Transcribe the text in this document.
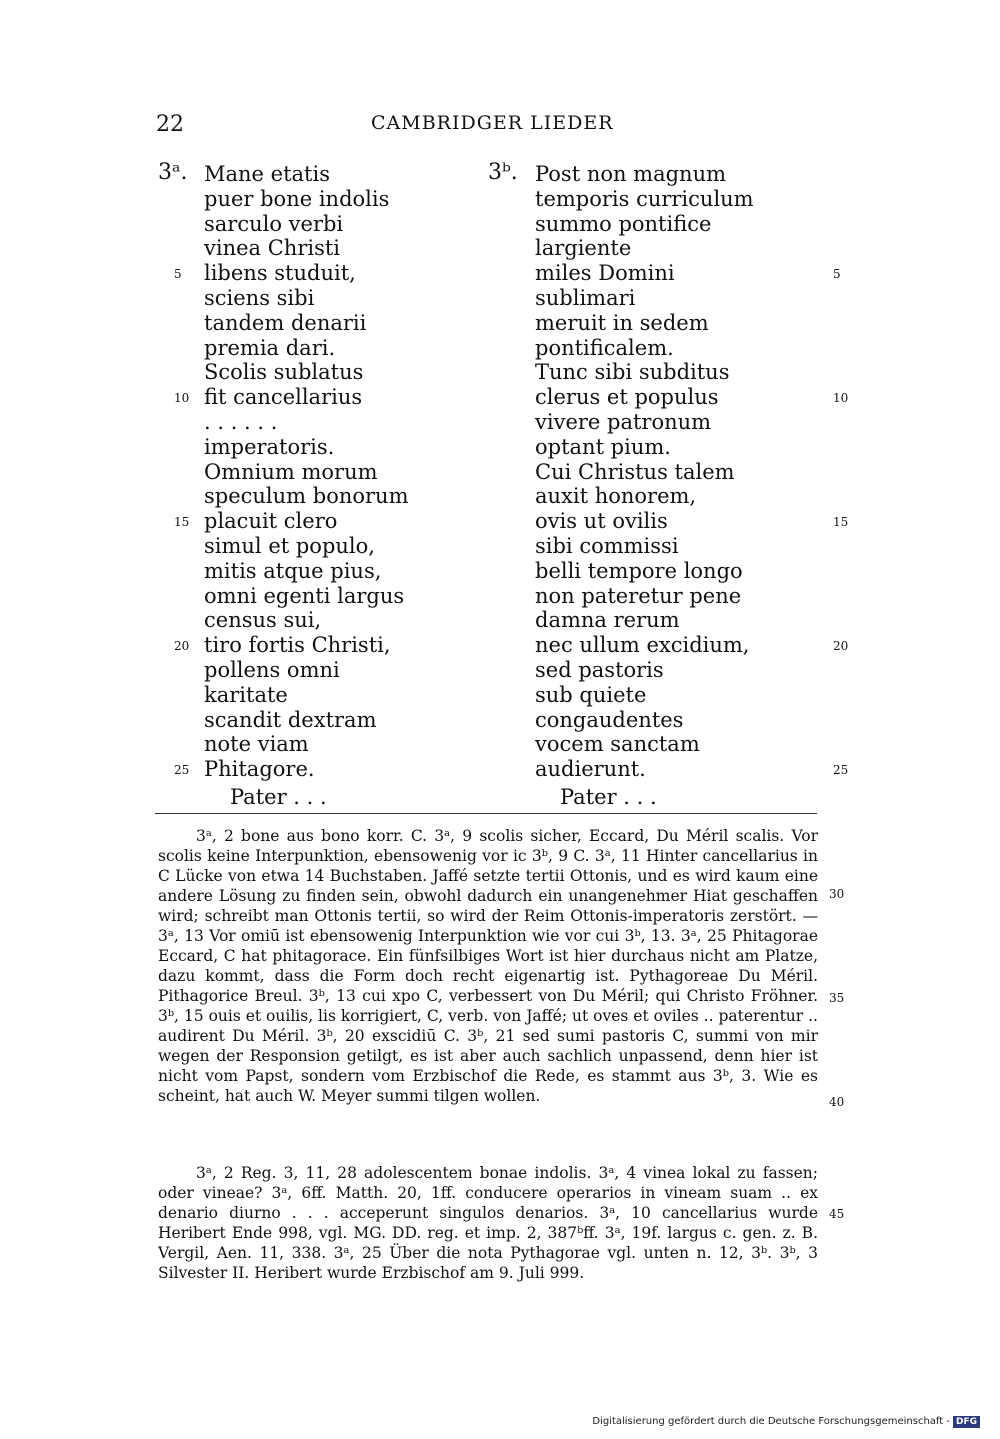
22	CAMBRIDGER LIEDER
3ᵃ. Mane etatis
puer bone indolis
sarculo verbi
vinea Christi
libens studuit,
sciens sibi
tandem denarii
premia dari.
Scolis sublatus
fit cancellarius
. . . . . .
imperatoris.
Omnium morum
speculum bonorum
placuit clero
simul et populo,
mitis atque pius,
omni egenti largus
census sui,
tiro fortis Christi,
pollens omni
karitate
scandit dextram
note viam
Phitagore.
3ᵇ. Post non magnum
temporis curriculum
summo pontifice
largiente
miles Domini
sublimari
meruit in sedem
pontificalem.
Tunc sibi subditus
clerus et populus
vivere patronum
optant pium.
Cui Christus talem
auxit honorem,
ovis ut ovilis
sibi commissi
belli tempore longo
non pateretur pene
damna rerum
nec ullum excidium,
sed pastoris
sub quiete
congaudentes
vocem sanctam
audierunt.
5	5
10	10
15	15
20	20
25	25
Pater . . .	Pater . . .

3ᵃ, 2 bone aus bono korr. C. 3ᵃ, 9 scolis sicher, Eccard, Du Méril scalis. Vor scolis keine Interpunktion, ebensowenig vor ic 3ᵇ, 9 C. 3ᵃ, 11 Hinter cancellarius in C Lücke von etwa 14 Buchstaben. Jaffé setzte tertii Ottonis, und es wird kaum eine andere Lösung zu finden sein, obwohl dadurch ein unangenehmer Hiat geschaffen wird; schreibt man Ottonis tertii, so wird der Reim Ottonis-imperatoris zerstört. — 3ᵃ, 13 Vor omiū ist ebensowenig Interpunktion wie vor cui 3ᵇ, 13. 3ᵃ, 25 Phitagorae Eccard, C hat phitagorace. Ein fünfsilbiges Wort ist hier durchaus nicht am Platze, dazu kommt, dass die Form doch recht eigenartig ist. Pythagoreae Du Méril. Pithagorice Breul. 3ᵇ, 13 cui xpo C, verbessert von Du Méril; qui Christo Fröhner. 3ᵇ, 15 ouis et ouilis, lis korrigiert, C, verb. von Jaffé; ut oves et oviles .. paterentur .. audirent Du Méril. 3ᵇ, 20 exscidiū C. 3ᵇ, 21 sed sumi pastoris C, summi von mir wegen der Responsion getilgt, es ist aber auch sachlich unpassend, denn hier ist nicht vom Papst, sondern vom Erzbischof die Rede, es stammt aus 3ᵇ, 3. Wie es scheint, hat auch W. Meyer summi tilgen wollen.

3ᵃ, 2 Reg. 3, 11, 28 adolescentem bonae indolis. 3ᵃ, 4 vinea lokal zu fassen; oder vineae? 3ᵃ, 6ff. Matth. 20, 1ff. conducere operarios in vineam suam .. ex denario diurno . . . acceperunt singulos denarios. 3ᵃ, 10 cancellarius wurde Heribert Ende 998, vgl. MG. DD. reg. et imp. 2, 387ᵇff. 3ᵃ, 19f. largus c. gen. z. B. Vergil, Aen. 11, 338. 3ᵃ, 25 Über die nota Pythagorae vgl. unten n. 12, 3ᵇ. 3ᵇ, 3 Silvester II. Heribert wurde Erzbischof am 9. Juli 999.

30
35
40
45
Digitalisierung gefördert durch die Deutsche Forschungsgemeinschaft - DFG
